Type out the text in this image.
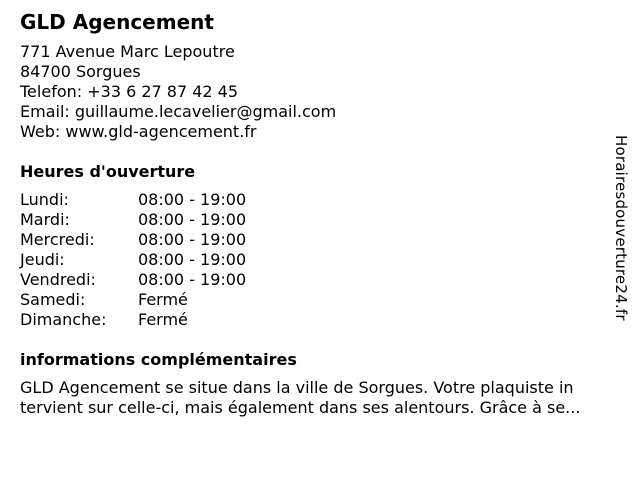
GLD Agencement
771 Avenue Marc Lepoutre
84700 Sorgues
Telefon: +33 6 27 87 42 45
Email: guillaume.lecavelier@gmail.com
Web: www.gld-agencement.fr
Heures d'ouverture
Lundi:	08:00 - 19:00
Mardi:	08:00 - 19:00
Mercredi:	08:00 - 19:00
Jeudi:	08:00 - 19:00
Vendredi:	08:00 - 19:00
Samedi:	Fermé
Dimanche:	Fermé
informations complémentaires
GLD Agencement se situe dans la ville de Sorgues. Votre plaquiste in
tervient sur celle-ci, mais également dans ses alentours. Grâce à se...
Horairesdouverture24.fr
